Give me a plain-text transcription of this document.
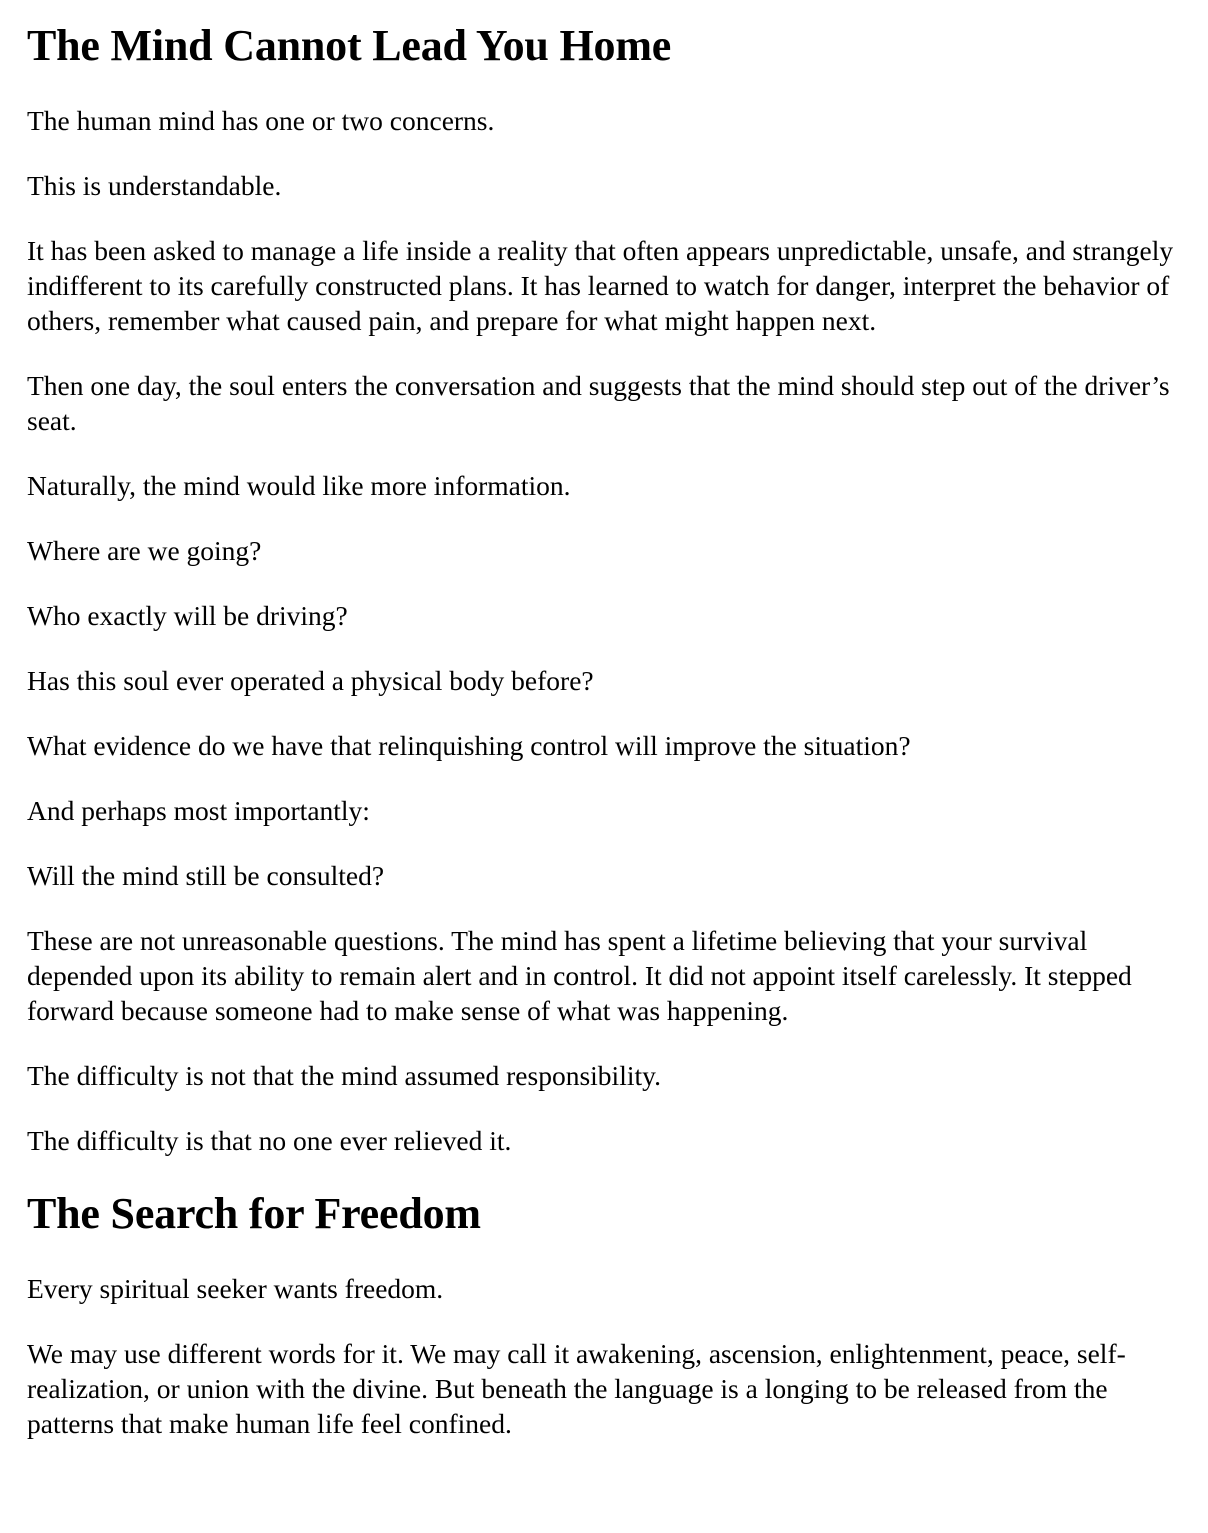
The Mind Cannot Lead You Home

The human mind has one or two concerns.

This is understandable.

It has been asked to manage a life inside a reality that often appears unpredictable, unsafe, and strangely indifferent to its carefully constructed plans. It has learned to watch for danger, interpret the behavior of others, remember what caused pain, and prepare for what might happen next.

Then one day, the soul enters the conversation and suggests that the mind should step out of the driver’s seat.

Naturally, the mind would like more information.

Where are we going?

Who exactly will be driving?

Has this soul ever operated a physical body before?

What evidence do we have that relinquishing control will improve the situation?

And perhaps most importantly:

Will the mind still be consulted?

These are not unreasonable questions. The mind has spent a lifetime believing that your survival depended upon its ability to remain alert and in control. It did not appoint itself carelessly. It stepped forward because someone had to make sense of what was happening.

The difficulty is not that the mind assumed responsibility.

The difficulty is that no one ever relieved it.

The Search for Freedom

Every spiritual seeker wants freedom.

We may use different words for it. We may call it awakening, ascension, enlightenment, peace, self-realization, or union with the divine. But beneath the language is a longing to be released from the patterns that make human life feel confined.
